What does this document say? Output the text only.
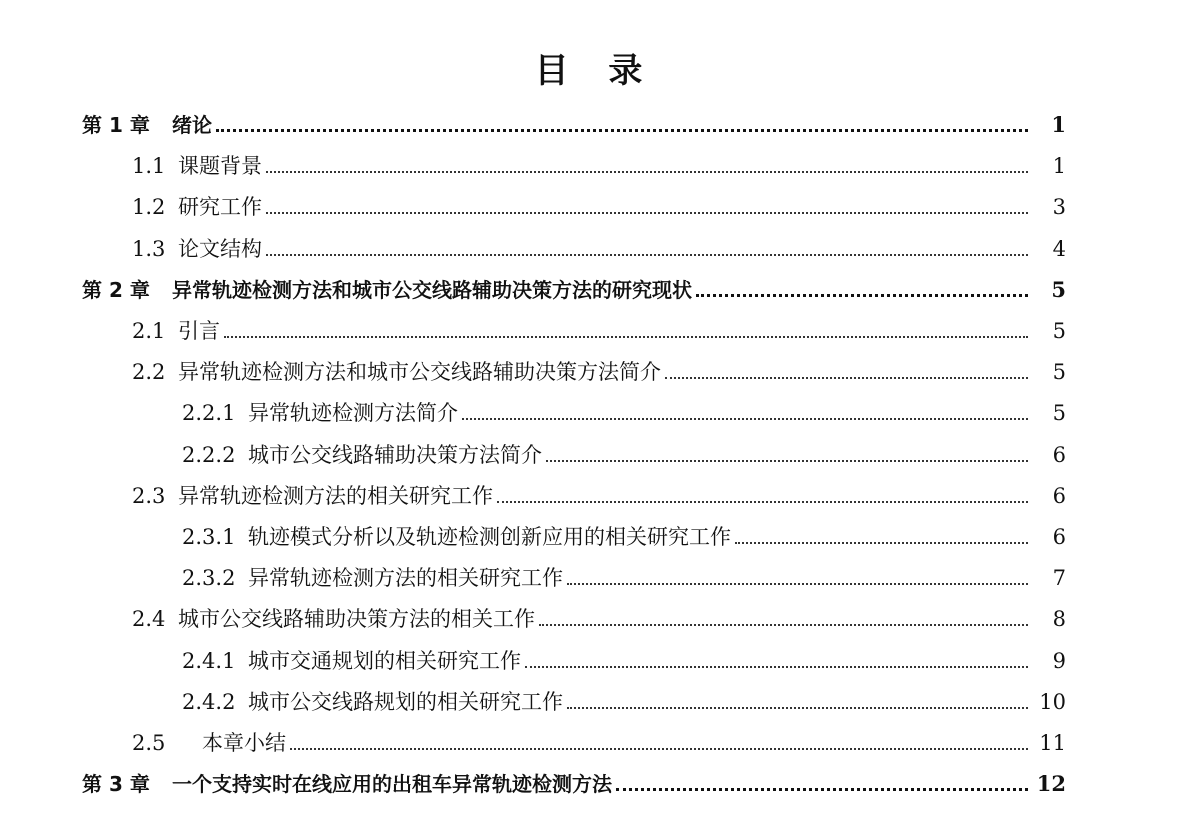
目 录
第 1 章	绪论	1
1.1 课题背景	1
1.2 研究工作	3
1.3 论文结构	4
第 2 章	异常轨迹检测方法和城市公交线路辅助决策方法的研究现状	5
2.1 引言	5
2.2 异常轨迹检测方法和城市公交线路辅助决策方法简介	5
2.2.1 异常轨迹检测方法简介	5
2.2.2 城市公交线路辅助决策方法简介	6
2.3 异常轨迹检测方法的相关研究工作	6
2.3.1 轨迹模式分析以及轨迹检测创新应用的相关研究工作	6
2.3.2 异常轨迹检测方法的相关研究工作	7
2.4 城市公交线路辅助决策方法的相关工作	8
2.4.1 城市交通规划的相关研究工作	9
2.4.2 城市公交线路规划的相关研究工作	10
2.5	本章小结	11
第 3 章	一个支持实时在线应用的出租车异常轨迹检测方法	12
